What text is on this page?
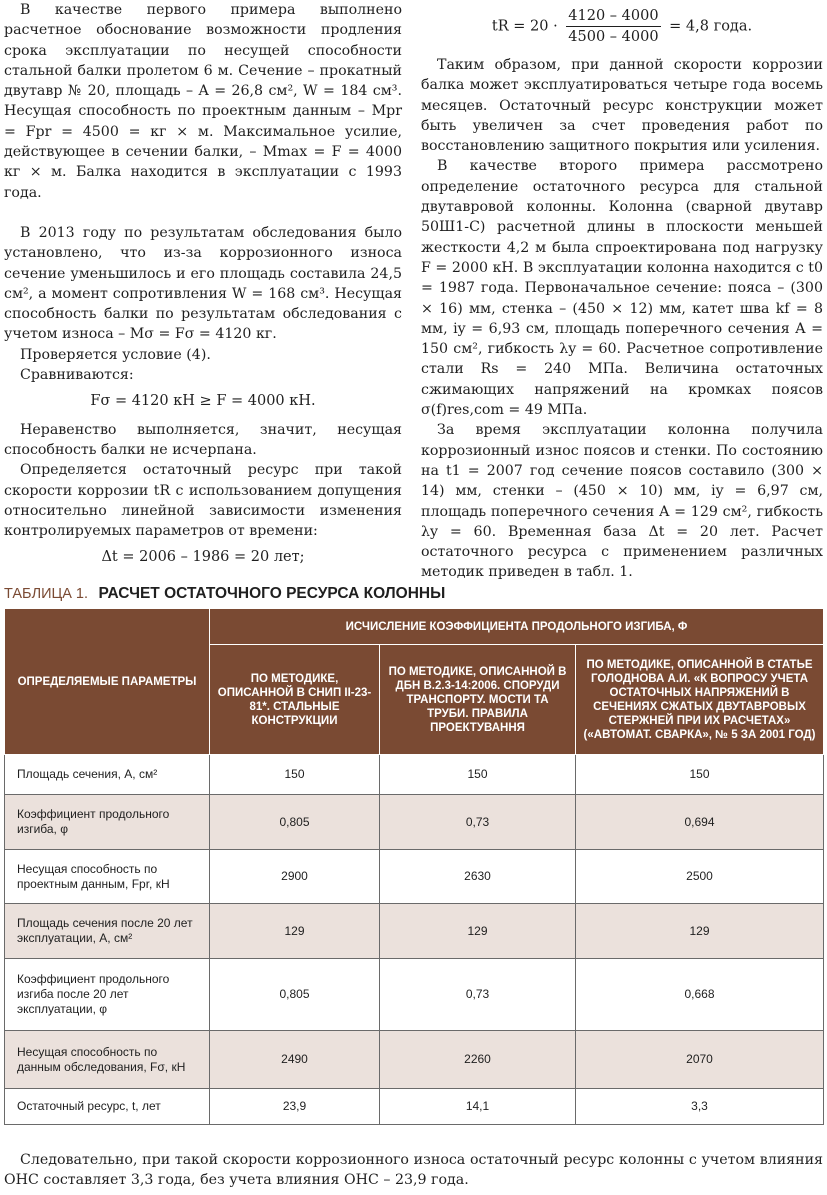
В качестве первого примера выполнено расчетное обоснование возможности продления срока эксплуатации по несущей способности стальной балки пролетом 6 м. Сечение – прокатный двутавр № 20, площадь – A = 26,8 см², W = 184 см³. Несущая способность по проектным данным – Mpr = Fpr = 4500 = кг × м. Максимальное усилие, действующее в сечении балки, – Mmax = F = 4000 кг × м. Балка находится в эксплуатации с 1993 года.

В 2013 году по результатам обследования было установлено, что из-за коррозионного износа сечение уменьшилось и его площадь составила 24,5 см², а момент сопротивления W = 168 см³. Несущая способность балки по результатам обследования с учетом износа – Mσ = Fσ = 4120 кг.

Проверяется условие (4).

Сравниваются:

Fσ = 4120 кН ≥ F = 4000 кН.

Неравенство выполняется, значит, несущая способность балки не исчерпана.

Определяется остаточный ресурс при такой скорости коррозии tR с использованием допущения относительно линейной зависимости изменения контролируемых параметров от времени:

Δt = 2006 – 1986 = 20 лет;
tR = $20 \cdot \frac{4120 - 4000}{4500 - 4000} = 4,8$ года.

Таким образом, при данной скорости коррозии балка может эксплуатироваться четыре года восемь месяцев. Остаточный ресурс конструкции может быть увеличен за счет проведения работ по восстановлению защитного покрытия или усиления.

В качестве второго примера рассмотрено определение остаточного ресурса для стальной двутавровой колонны. Колонна (сварной двутавр 50Ш1-С) расчетной длины в плоскости меньшей жесткости 4,2 м была спроектирована под нагрузку F = 2000 кН. В эксплуатации колонна находится с t0 = 1987 года. Первоначальное сечение: пояса – (300 × 16) мм, стенка – (450 × 12) мм, катет шва kf = 8 мм, iy = 6,93 см, площадь поперечного сечения A = 150 см², гибкость λy = 60. Расчетное сопротивление стали Rs = 240 МПа. Величина остаточных сжимающих напряжений на кромках поясов σ(f)res,com = 49 МПа.

За время эксплуатации колонна получила коррозионный износ поясов и стенки. По состоянию на t1 = 2007 год сечение поясов составило (300 × 14) мм, стенки – (450 × 10) мм, iy = 6,97 см, площадь поперечного сечения A = 129 см², гибкость λy = 60. Временная база Δt = 20 лет. Расчет остаточного ресурса с применением различных методик приведен в табл. 1.

ТАБЛИЦА 1. РАСЧЕТ ОСТАТОЧНОГО РЕСУРСА КОЛОННЫ
ОПРЕДЕЛЯЕМЫЕ ПАРАМЕТРЫ	ИСЧИСЛЕНИЕ КОЭФФИЦИЕНТА ПРОДОЛЬНОГО ИЗГИБА, Φ		
	ПО МЕТОДИКЕ, ОПИСАННОЙ В СНИП II-23-81*. СТАЛЬНЫЕ КОНСТРУКЦИИ	ПО МЕТОДИКЕ, ОПИСАННОЙ В ДБН В.2.3-14:2006. СПОРУДИ ТРАНСПОРТУ. МОСТИ ТА ТРУБИ. ПРАВИЛА ПРОЕКТУВАННЯ	ПО МЕТОДИКЕ, ОПИСАННОЙ В СТАТЬЕ ГОЛОДНОВА А.И. «К ВОПРОСУ УЧЕТА ОСТАТОЧНЫХ НАПРЯЖЕНИЙ В СЕЧЕНИЯХ СЖАТЫХ ДВУТАВРОВЫХ СТЕРЖНЕЙ ПРИ ИХ РАСЧЕТАХ» («АВТОМАТ. СВАРКА», № 5 ЗА 2001 ГОД)
Площадь сечения, А, см²	150	150	150
Коэффициент продольного изгиба, φ	0,805	0,73	0,694
Несущая способность по проектным данным, Fpr, кН	2900	2630	2500
Площадь сечения после 20 лет эксплуатации, А, см²	129	129	129
Коэффициент продольного изгиба после 20 лет эксплуатации, φ	0,805	0,73	0,668
Несущая способность по данным обследования, Fσ, кН	2490	2260	2070
Остаточный ресурс, t, лет	23,9	14,1	3,3

Следовательно, при такой скорости коррозионного износа остаточный ресурс колонны с учетом влияния ОНС составляет 3,3 года, без учета влияния ОНС – 23,9 года.
